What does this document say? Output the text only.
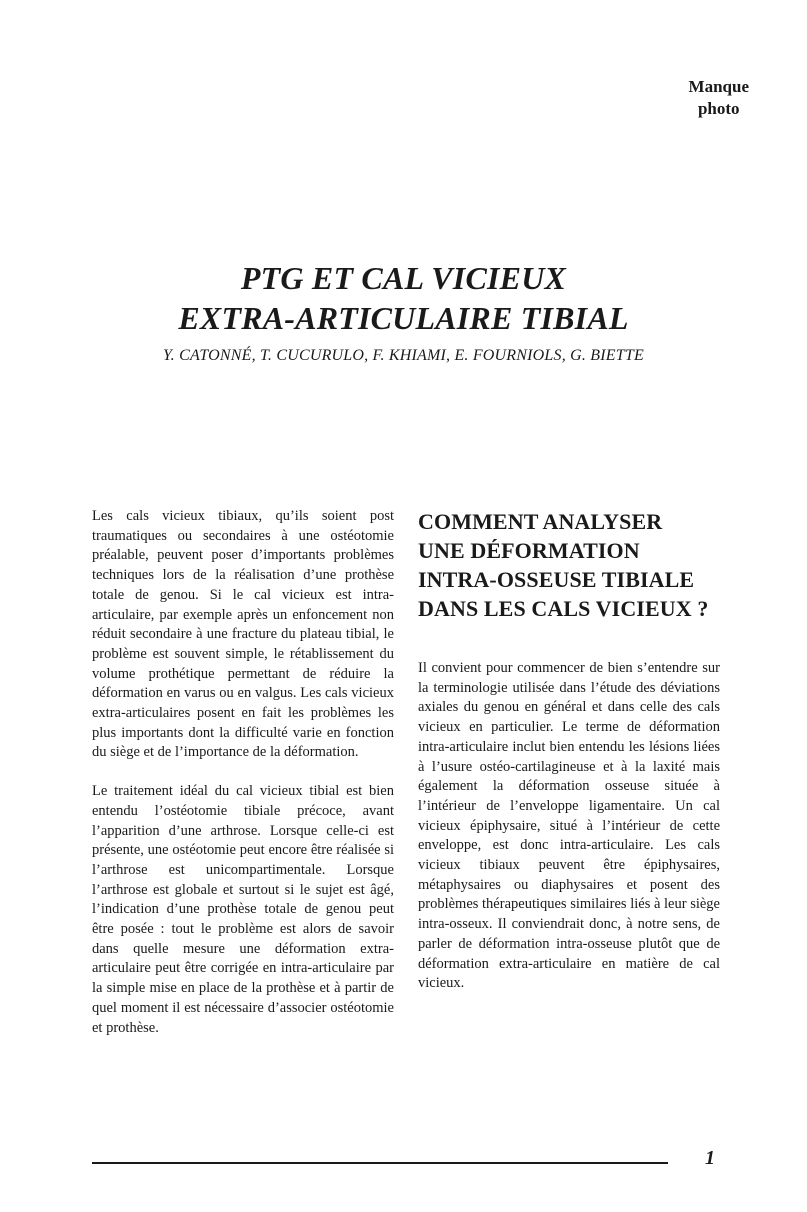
Manque
photo
PTG ET CAL VICIEUX
EXTRA-ARTICULAIRE TIBIAL
Y. CATONNÉ, T. CUCURULO, F. KHIAMI, E. FOURNIOLS, G. BIETTE

Les cals vicieux tibiaux, qu’ils soient post traumatiques ou secondaires à une ostéotomie préalable, peuvent poser d’importants problèmes techniques lors de la réalisation d’une prothèse totale de genou. Si le cal vicieux est intra-articulaire, par exemple après un enfoncement non réduit secondaire à une fracture du plateau tibial, le problème est souvent simple, le rétablissement du volume prothétique permettant de réduire la déformation en varus ou en valgus. Les cals vicieux extra-articulaires posent en fait les problèmes les plus importants dont la difficulté varie en fonction du siège et de l’importance de la déformation.

Le traitement idéal du cal vicieux tibial est bien entendu l’ostéotomie tibiale précoce, avant l’apparition d’une arthrose. Lorsque celle-ci est présente, une ostéotomie peut encore être réalisée si l’arthrose est unicompartimentale. Lorsque l’arthrose est globale et surtout si le sujet est âgé, l’indication d’une prothèse totale de genou peut être posée : tout le problème est alors de savoir dans quelle mesure une déformation extra-articulaire peut être corrigée en intra-articulaire par la simple mise en place de la prothèse et à partir de quel moment il est nécessaire d’associer ostéotomie et prothèse.

COMMENT ANALYSER
UNE DÉFORMATION
INTRA-OSSEUSE TIBIALE
DANS LES CALS VICIEUX ?

Il convient pour commencer de bien s’entendre sur la terminologie utilisée dans l’étude des déviations axiales du genou en général et dans celle des cals vicieux en particulier. Le terme de déformation intra-articulaire inclut bien entendu les lésions liées à l’usure ostéo-cartilagineuse et à la laxité mais également la déformation osseuse située à l’intérieur de l’enveloppe ligamentaire. Un cal vicieux épiphysaire, situé à l’intérieur de cette enveloppe, est donc intra-articulaire. Les cals vicieux tibiaux peuvent être épiphysaires, métaphysaires ou diaphysaires et posent des problèmes thérapeutiques similaires liés à leur siège intra-osseux. Il conviendrait donc, à notre sens, de parler de déformation intra-osseuse plutôt que de déformation extra-articulaire en matière de cal vicieux.

1
